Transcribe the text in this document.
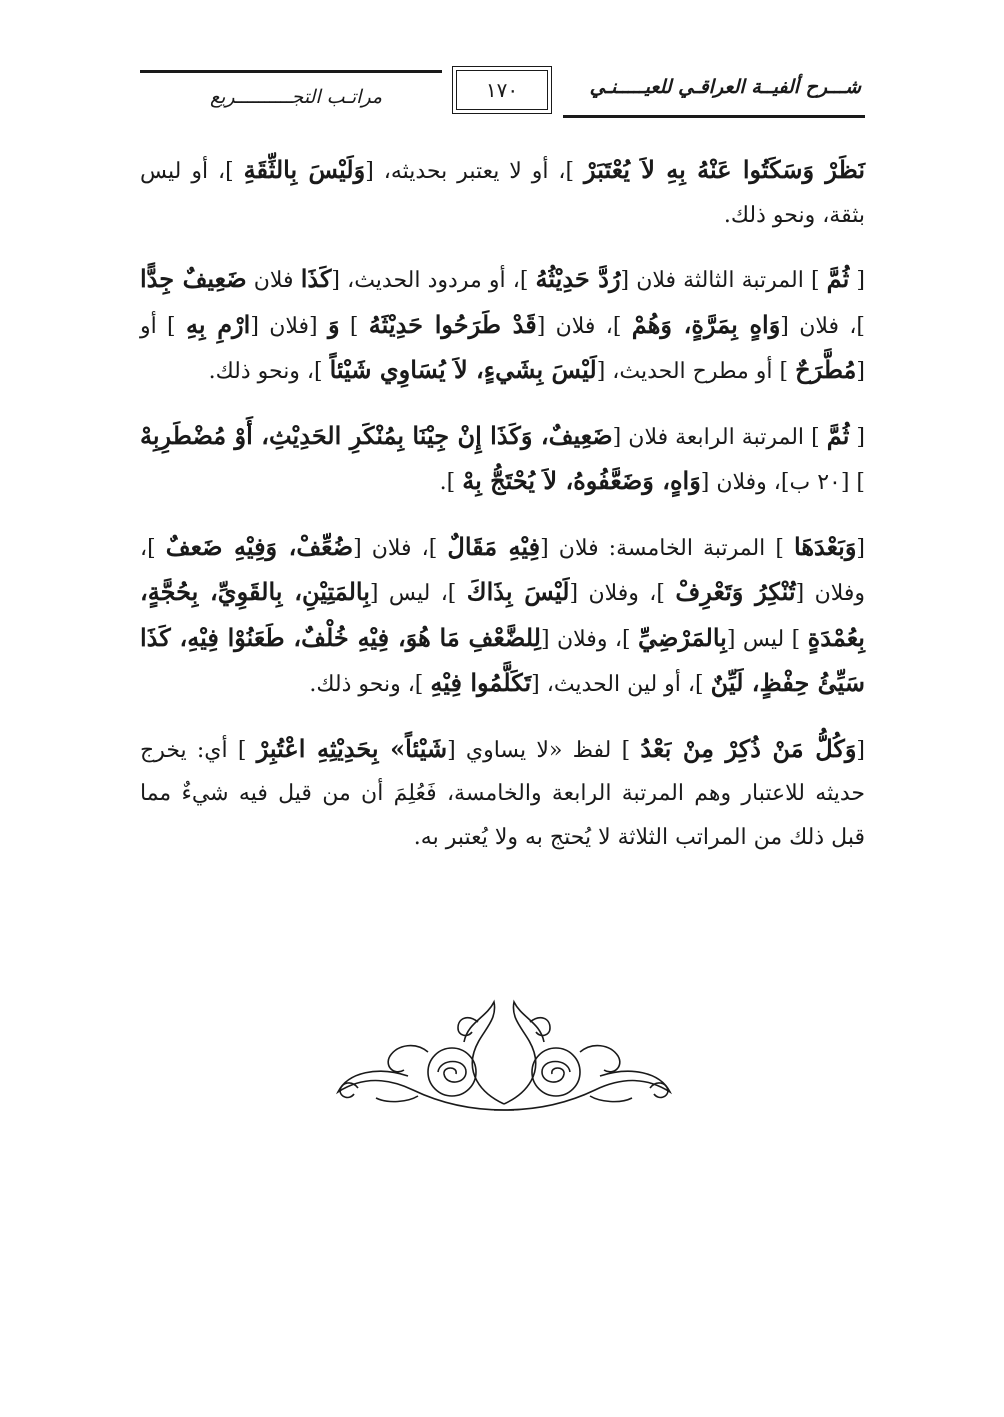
شـــرح ألفيــة العراقـي للعيـــــنـي
١٧٠
مراتـب التجــــــــــريع

نَظَرْ وَسَكَتُوا عَنْهُ بِهِ لاَ يُعْتَبَرْ ]، أو لا يعتبر بحديثه، [وَلَيْسَ بِالثِّقَةِ ]، أو ليس بثقة، ونحو ذلك.

[ ثُمَّ ] المرتبة الثالثة فلان [رُدَّ حَدِيْثُهُ ]، أو مردود الحديث، [كَذَا فلان ضَعِيفٌ جِدًّا ]، فلان [وَاهٍ بِمَرَّةٍ، وَهُمْ ]، فلان [قَدْ طَرَحُوا حَدِيْثَهُ ] وَ [فلان [ارْمِ بِهِ ] أو [مُطَّرَحٌ ] أو مطرح الحديث، [لَيْسَ بِشَيءٍ، لاَ يُسَاوِي شَيْئاً ]، ونحو ذلك.

[ ثُمَّ ] المرتبة الرابعة فلان [ضَعِيفٌ، وَكَذَا إِنْ جِيْنَا بِمُنْكَرِ الحَدِيْثِ، أَوْ مُضْطَرِبِهْ ] [٢٠ ب]، وفلان [وَاهٍ، وَضَعَّفُوهُ، لاَ يُحْتَجُّ بِهْ ].

[وَبَعْدَهَا ] المرتبة الخامسة: فلان [فِيْهِ مَقَالٌ ]، فلان [ضُعِّفْ، وَفِيْهِ ضَعفٌ ]، وفلان [تُنْكِرُ وَتَعْرِفْ ]، وفلان [لَيْسَ بِذَاكَ ]، ليس [بِالمَتِيْنِ، بِالقَوِيِّ، بِحُجَّةٍ، بِعُمْدَةٍ ] ليس [بِالمَرْضِيِّ ]، وفلان [لِلضَّعْفِ مَا هُوَ، فِيْهِ خُلْفٌ، طَعَنُوْا فِيْهِ، كَذَا سَيِّئُ حِفْظٍ، لَيِّنٌ ]، أو لين الحديث، [تَكَلَّمُوا فِيْهِ ]، ونحو ذلك.

[وَكُلُّ مَنْ ذُكِرْ مِنْ بَعْدُ ] لفظ «لا يساوي [شَيْئاً» بِحَدِيْثِهِ اعْتُبِرْ ] أي: يخرج حديثه للاعتبار وهم المرتبة الرابعة والخامسة، فَعُلِمَ أن من قيل فيه شيءٌ مما قبل ذلك من المراتب الثلاثة لا يُحتج به ولا يُعتبر به.
